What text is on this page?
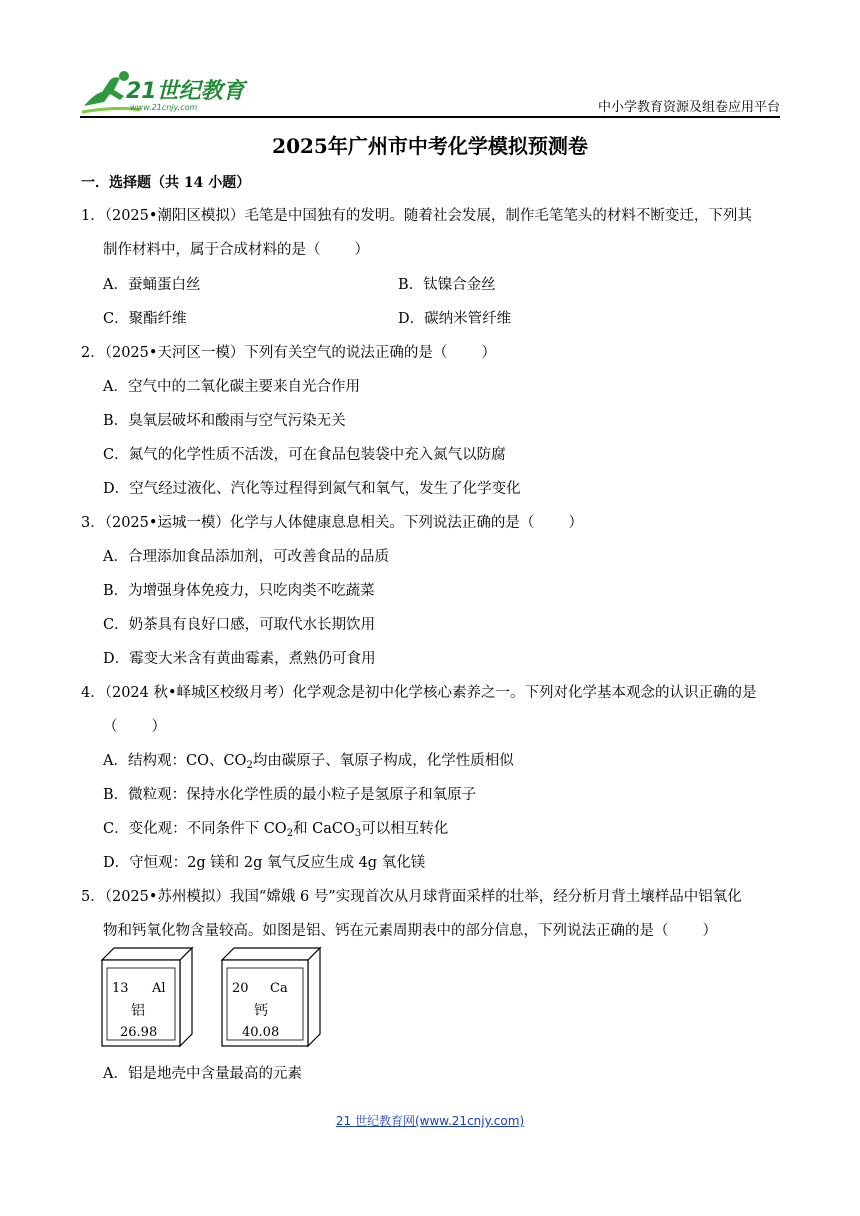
21世纪教育
www.21cnjy.com	中小学教育资源及组卷应用平台
2025年广州市中考化学模拟预测卷
一．选择题（共 14 小题）
1．（2025•潮阳区模拟）毛笔是中国独有的发明。随着社会发展，制作毛笔笔头的材料不断变迁，下列其
制作材料中，属于合成材料的是（ ）
A．蚕蛹蛋白丝	B．钛镍合金丝
C．聚酯纤维	D．碳纳米管纤维
2．（2025•天河区一模）下列有关空气的说法正确的是（ ）
A．空气中的二氧化碳主要来自光合作用
B．臭氧层破坏和酸雨与空气污染无关
C．氮气的化学性质不活泼，可在食品包装袋中充入氮气以防腐
D．空气经过液化、汽化等过程得到氮气和氧气，发生了化学变化
3．（2025•运城一模）化学与人体健康息息相关。下列说法正确的是（ ）
A．合理添加食品添加剂，可改善食品的品质
B．为增强身体免疫力，只吃肉类不吃蔬菜
C．奶茶具有良好口感，可取代水长期饮用
D．霉变大米含有黄曲霉素，煮熟仍可食用
4．（2024 秋•峄城区校级月考）化学观念是初中化学核心素养之一。下列对化学基本观念的认识正确的是
（ ）
A．结构观：CO、$CO_2$均由碳原子、氧原子构成，化学性质相似
B．微粒观：保持水化学性质的最小粒子是氢原子和氧原子
C．变化观：不同条件下 $CO_2$和 CaCO$_3$可以相互转化
D．守恒观：2g 镁和 2g 氧气反应生成 4g 氧化镁
5．（2025•苏州模拟）我国“嫦娥 6 号”实现首次从月球背面采样的壮举，经分析月背土壤样品中铝氧化
物和钙氧化物含量较高。如图是铝、钙在元素周期表中的部分信息，下列说法正确的是（ ）
13 Al
铝
26.98
20 Ca
钙
40.08
A．铝是地壳中含量最高的元素
21 世纪教育网(www.21cnjy.com)
